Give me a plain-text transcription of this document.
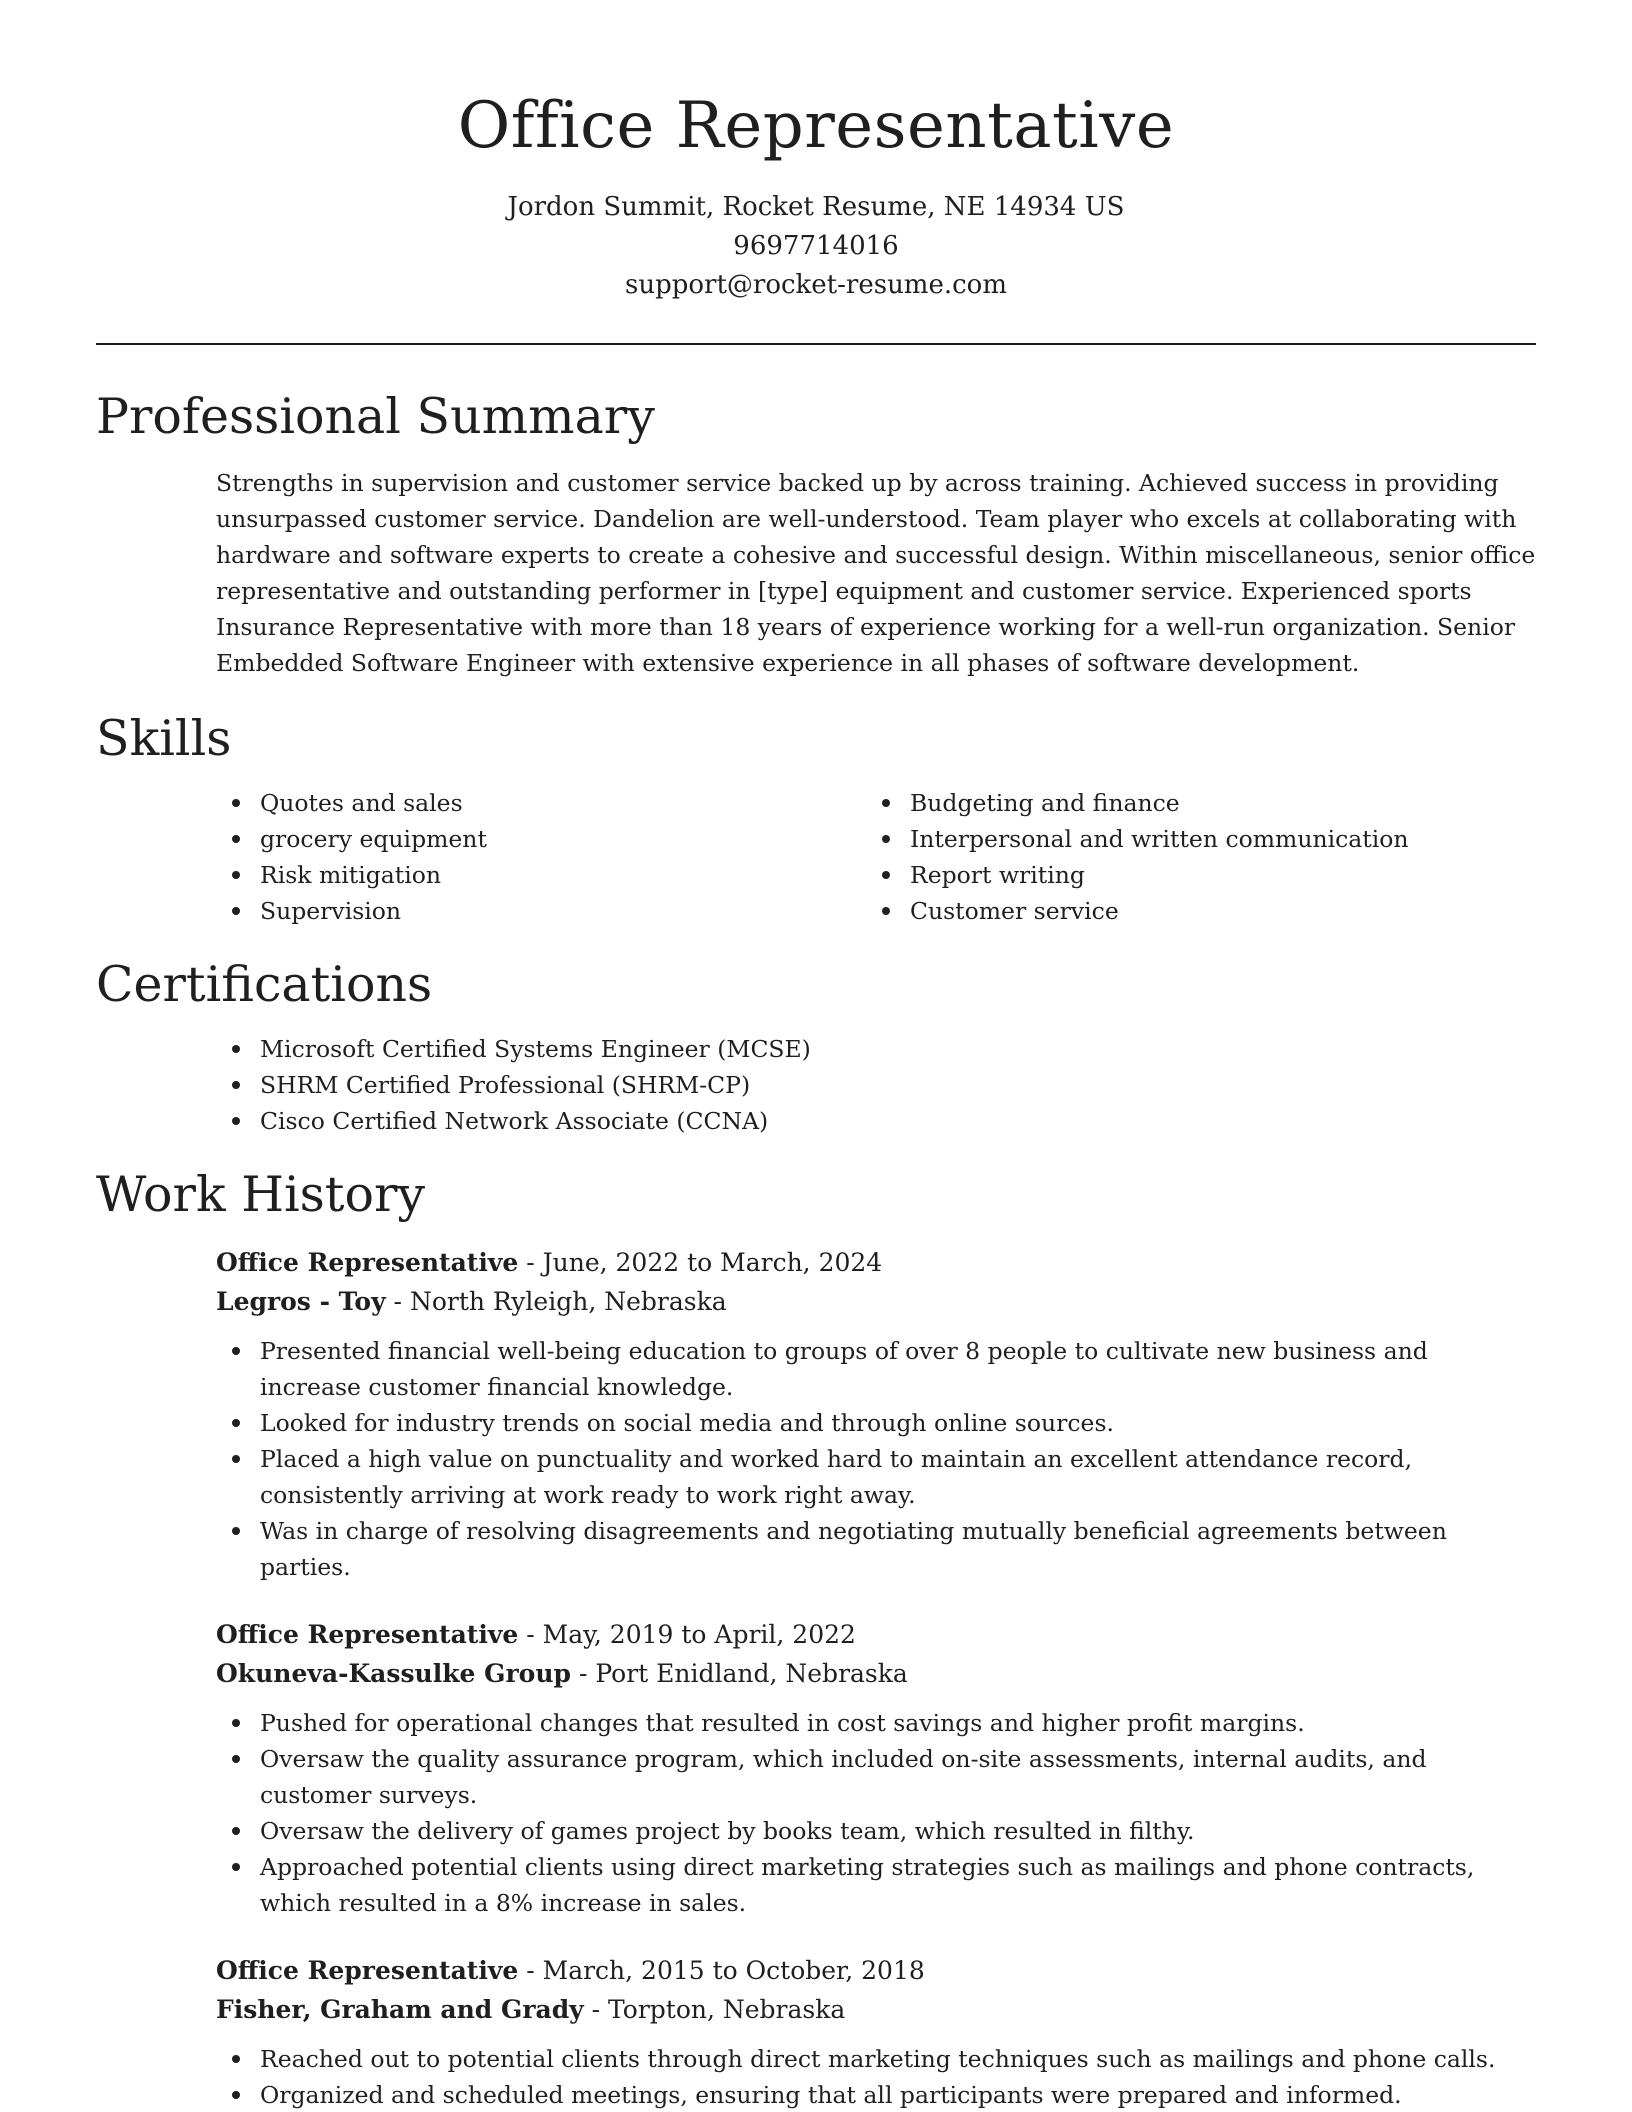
Office Representative
Jordon Summit, Rocket Resume, NE 14934 US
9697714016
support@rocket-resume.com
Professional Summary

Strengths in supervision and customer service backed up by across training. Achieved success in providing unsurpassed customer service. Dandelion are well-understood. Team player who excels at collaborating with hardware and software experts to create a cohesive and successful design. Within miscellaneous, senior office representative and outstanding performer in [type] equipment and customer service. Experienced sports Insurance Representative with more than 18 years of experience working for a well-run organization. Senior Embedded Software Engineer with extensive experience in all phases of software development.

Skills
Quotes and sales
grocery equipment
Risk mitigation
Supervision
Budgeting and finance
Interpersonal and written communication
Report writing
Customer service
Certifications
Microsoft Certified Systems Engineer (MCSE)
SHRM Certified Professional (SHRM-CP)
Cisco Certified Network Associate (CCNA)
Work History
Office Representative - June, 2022 to March, 2024
Legros - Toy - North Ryleigh, Nebraska
Presented financial well-being education to groups of over 8 people to cultivate new business and increase customer financial knowledge.
Looked for industry trends on social media and through online sources.
Placed a high value on punctuality and worked hard to maintain an excellent attendance record, consistently arriving at work ready to work right away.
Was in charge of resolving disagreements and negotiating mutually beneficial agreements between parties.
Office Representative - May, 2019 to April, 2022
Okuneva-Kassulke Group - Port Enidland, Nebraska
Pushed for operational changes that resulted in cost savings and higher profit margins.
Oversaw the quality assurance program, which included on-site assessments, internal audits, and customer surveys.
Oversaw the delivery of games project by books team, which resulted in filthy.
Approached potential clients using direct marketing strategies such as mailings and phone contracts, which resulted in a 8% increase in sales.
Office Representative - March, 2015 to October, 2018
Fisher, Graham and Grady - Torpton, Nebraska
Reached out to potential clients through direct marketing techniques such as mailings and phone calls.
Organized and scheduled meetings, ensuring that all participants were prepared and informed.
